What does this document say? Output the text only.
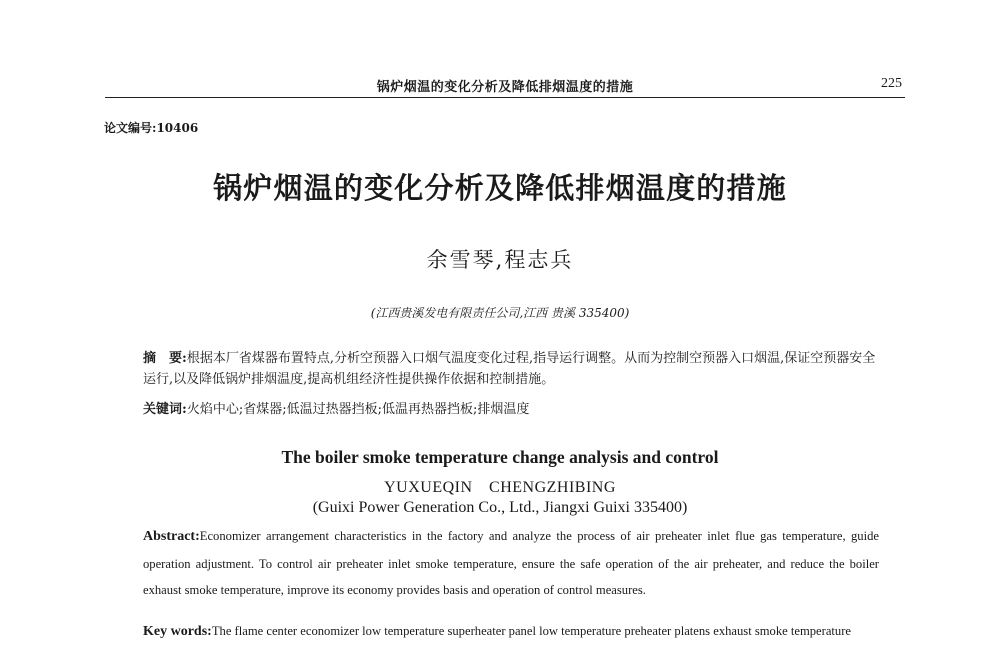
锅炉烟温的变化分析及降低排烟温度的措施	225
论文编号:10406
锅炉烟温的变化分析及降低排烟温度的措施
余雪琴,程志兵
(江西贵溪发电有限责任公司,江西 贵溪 335400)
摘　要:根据本厂省煤器布置特点,分析空预器入口烟气温度变化过程,指导运行调整。从而为控制空预器入口烟温,保证空预器安全运行,以及降低锅炉排烟温度,提高机组经济性提供操作依据和控制措施。
关键词:火焰中心;省煤器;低温过热器挡板;低温再热器挡板;排烟温度
The boiler smoke temperature change analysis and control
YUXUEQIN　CHENGZHIBING
(Guixi Power Generation Co., Ltd., Jiangxi Guixi 335400)
Abstract:Economizer arrangement characteristics in the factory and analyze the process of air preheater inlet flue gas temperature, guide operation adjustment. To control air preheater inlet smoke temperature, ensure the safe operation of the air preheater, and reduce the boiler exhaust smoke temperature, improve its economy provides basis and operation of control measures.
Key words:The flame center economizer low temperature superheater panel low temperature preheater platens exhaust smoke temperature
